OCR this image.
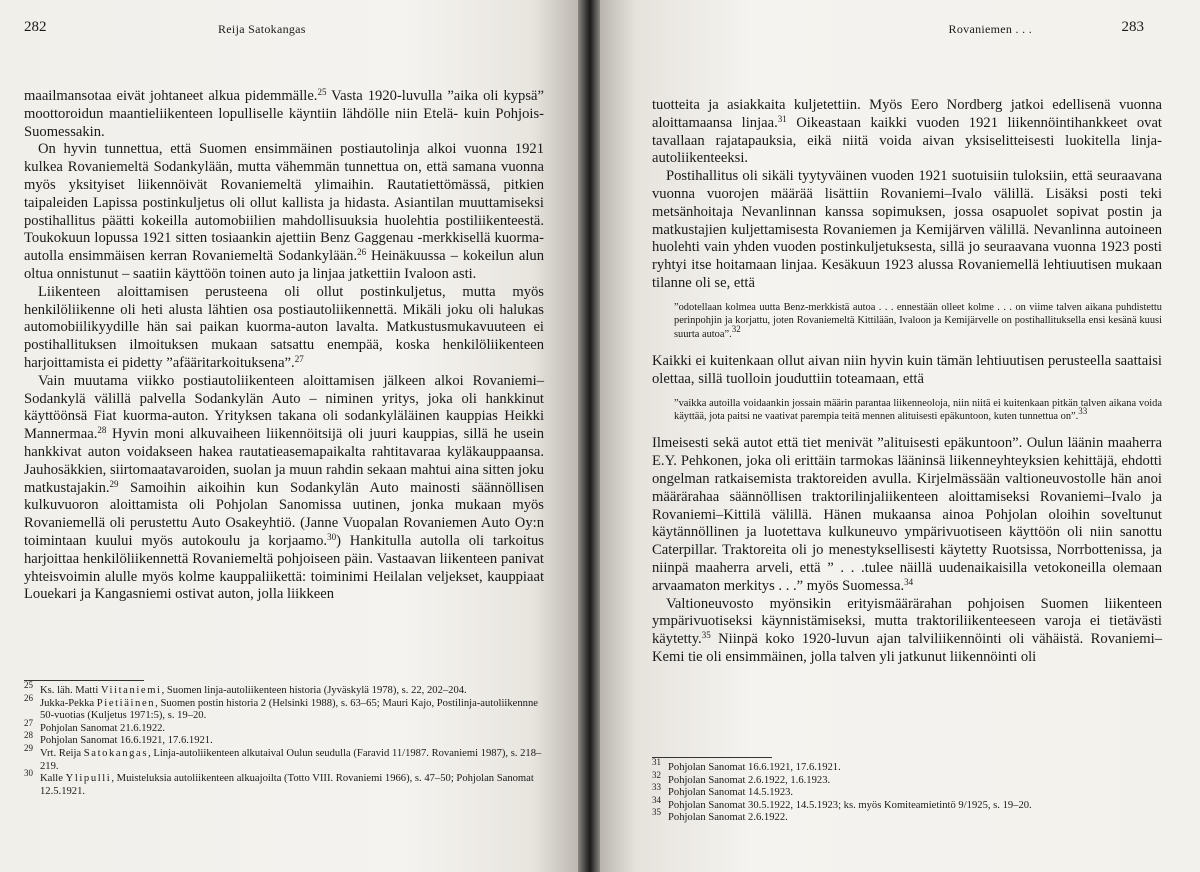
282	Reija Satokangas

maailmansotaa eivät johtaneet alkua pidemmälle.$^{25}$ Vasta 1920-luvulla ”aika oli kypsä” moottoroidun maantieliikenteen lopulliselle käyntiin lähdölle niin Etelä- kuin Pohjois-Suomessakin.

On hyvin tunnettua, että Suomen ensimmäinen postiautolinja alkoi vuonna 1921 kulkea Rovaniemeltä Sodankylään, mutta vähemmän tunnettua on, että samana vuonna myös yksityiset liikennöivät Rovaniemeltä ylimaihin. Rautatiettömässä, pitkien taipaleiden Lapissa postinkuljetus oli ollut kallista ja hidasta. Asiantilan muuttamiseksi postihallitus päätti kokeilla automobiilien mahdollisuuksia huolehtia postiliikenteestä. Toukokuun lopussa 1921 sitten tosiaankin ajettiin Benz Gaggenau -merkkisellä kuorma-autolla ensimmäisen kerran Rovaniemeltä Sodankylään.$^{26}$ Heinäkuussa – kokeilun alun oltua onnistunut – saatiin käyttöön toinen auto ja linjaa jatkettiin Ivaloon asti.

Liikenteen aloittamisen perusteena oli ollut postinkuljetus, mutta myös henkilöliikenne oli heti alusta lähtien osa postiautoliikennettä. Mikäli joku oli halukas automobiilikyydille hän sai paikan kuorma-auton lavalta. Matkustusmukavuuteen ei postihallituksen ilmoituksen mukaan satsattu enempää, koska henkilöliikenteen harjoittamista ei pidetty ”afääritarkoituksena”.$^{27}$

Vain muutama viikko postiautoliikenteen aloittamisen jälkeen alkoi Rovaniemi–Sodankylä välillä palvella Sodankylän Auto – niminen yritys, joka oli hankkinut käyttöönsä Fiat kuorma-auton. Yrityksen takana oli sodankyläläinen kauppias Heikki Mannermaa.$^{28}$ Hyvin moni alkuvaiheen liikennöitsijä oli juuri kauppias, sillä he usein hankkivat auton voidakseen hakea rautatieasemapaikalta rahtitavaraa kyläkauppaansa. Jauhosäkkien, siirtomaatavaroiden, suolan ja muun rahdin sekaan mahtui aina sitten joku matkustajakin.$^{29}$ Samoihin aikoihin kun Sodankylän Auto mainosti säännöllisen kulkuvuoron aloittamista oli Pohjolan Sanomissa uutinen, jonka mukaan myös Rovaniemellä oli perustettu Auto Osakeyhtiö. (Janne Vuopalan Rovaniemen Auto Oy:n toimintaan kuului myös autokoulu ja korjaamo.$^{30}$) Hankitulla autolla oli tarkoitus harjoittaa henkilöliikennettä Rovaniemeltä pohjoiseen päin. Vastaavan liikenteen panivat yhteisvoimin alulle myös kolme kauppaliikettä: toiminimi Heilalan veljekset, kauppiaat Louekari ja Kangasniemi ostivat auton, jolla liikkeen

$^{25}$ Ks. läh. Matti Viitaniemi, Suomen linja-autoliikenteen historia (Jyväskylä 1978), s. 22, 202–204.
$^{26}$ Jukka-Pekka Pietiäinen, Suomen postin historia 2 (Helsinki 1988), s. 63–65; Mauri Kajo, Postilinja-autoliikennne 50-vuotias (Kuljetus 1971:5), s. 19–20.
$^{27}$ Pohjolan Sanomat 21.6.1922.
$^{28}$ Pohjolan Sanomat 16.6.1921, 17.6.1921.
$^{29}$ Vrt. Reija Satokangas, Linja-autoliikenteen alkutaival Oulun seudulla (Faravid 11/1987. Rovaniemi 1987), s. 218–219.
$^{30}$ Kalle Ylipulli, Muisteluksia autoliikenteen alkuajoilta (Totto VIII. Rovaniemi 1966), s. 47–50; Pohjolan Sanomat 12.5.1921.
Rovaniemen . . .	283

tuotteita ja asiakkaita kuljetettiin. Myös Eero Nordberg jatkoi edellisenä vuonna aloittamaansa linjaa.$^{31}$ Oikeastaan kaikki vuoden 1921 liikennöintihankkeet ovat tavallaan rajatapauksia, eikä niitä voida aivan yksiselitteisesti luokitella linja-autoliikenteeksi.

Postihallitus oli sikäli tyytyväinen vuoden 1921 suotuisiin tuloksiin, että seuraavana vuonna vuorojen määrää lisättiin Rovaniemi–Ivalo välillä. Lisäksi posti teki metsänhoitaja Nevanlinnan kanssa sopimuksen, jossa osapuolet sopivat postin ja matkustajien kuljettamisesta Rovaniemen ja Kemijärven välillä. Nevanlinna autoineen huolehti vain yhden vuoden postinkuljetuksesta, sillä jo seuraavana vuonna 1923 posti ryhtyi itse hoitamaan linjaa. Kesäkuun 1923 alussa Rovaniemellä lehtiuutisen mukaan tilanne oli se, että

”odotellaan kolmea uutta Benz-merkkistä autoa . . . ennestään olleet kolme . . . on viime talven aikana puhdistettu perinpohjin ja korjattu, joten Rovaniemeltä Kittilään, Ivaloon ja Kemijärvelle on postihallituksella ensi kesänä kuusi suurta autoa”.$^{32}$

Kaikki ei kuitenkaan ollut aivan niin hyvin kuin tämän lehtiuutisen perusteella saattaisi olettaa, sillä tuolloin jouduttiin toteamaan, että

”vaikka autoilla voidaankin jossain määrin parantaa liikenneoloja, niin niitä ei kuitenkaan pitkän talven aikana voida käyttää, jota paitsi ne vaativat parempia teitä mennen alituisesti epäkuntoon, kuten tunnettua on”.$^{33}$

Ilmeisesti sekä autot että tiet menivät ”alituisesti epäkuntoon”. Oulun läänin maaherra E.Y. Pehkonen, joka oli erittäin tarmokas lääninsä liikenneyhteyksien kehittäjä, ehdotti ongelman ratkaisemista traktoreiden avulla. Kirjelmässään valtioneuvostolle hän anoi määrärahaa säännöllisen traktorilinjaliikenteen aloittamiseksi Rovaniemi–Ivalo ja Rovaniemi–Kittilä välillä. Hänen mukaansa ainoa Pohjolan oloihin soveltunut käytännöllinen ja luotettava kulkuneuvo ympärivuotiseen käyttöön oli niin sanottu Caterpillar. Traktoreita oli jo menestyksellisesti käytetty Ruotsissa, Norrbottenissa, ja niinpä maaherra arveli, että ” . . .tulee näillä uudenaikaisilla vetokoneilla olemaan arvaamaton merkitys . . .” myös Suomessa.$^{34}$

Valtioneuvosto myönsikin erityismäärärahan pohjoisen Suomen liikenteen ympärivuotiseksi käynnistämiseksi, mutta traktoriliikenteeseen varoja ei tietävästi käytetty.$^{35}$ Niinpä koko 1920-luvun ajan talviliikennöinti oli vähäistä. Rovaniemi–Kemi tie oli ensimmäinen, jolla talven yli jatkunut liikennöinti oli

$^{31}$ Pohjolan Sanomat 16.6.1921, 17.6.1921.
$^{32}$ Pohjolan Sanomat 2.6.1922, 1.6.1923.
$^{33}$ Pohjolan Sanomat 14.5.1923.
$^{34}$ Pohjolan Sanomat 30.5.1922, 14.5.1923; ks. myös Komiteamietintö 9/1925, s. 19–20.
$^{35}$ Pohjolan Sanomat 2.6.1922.
